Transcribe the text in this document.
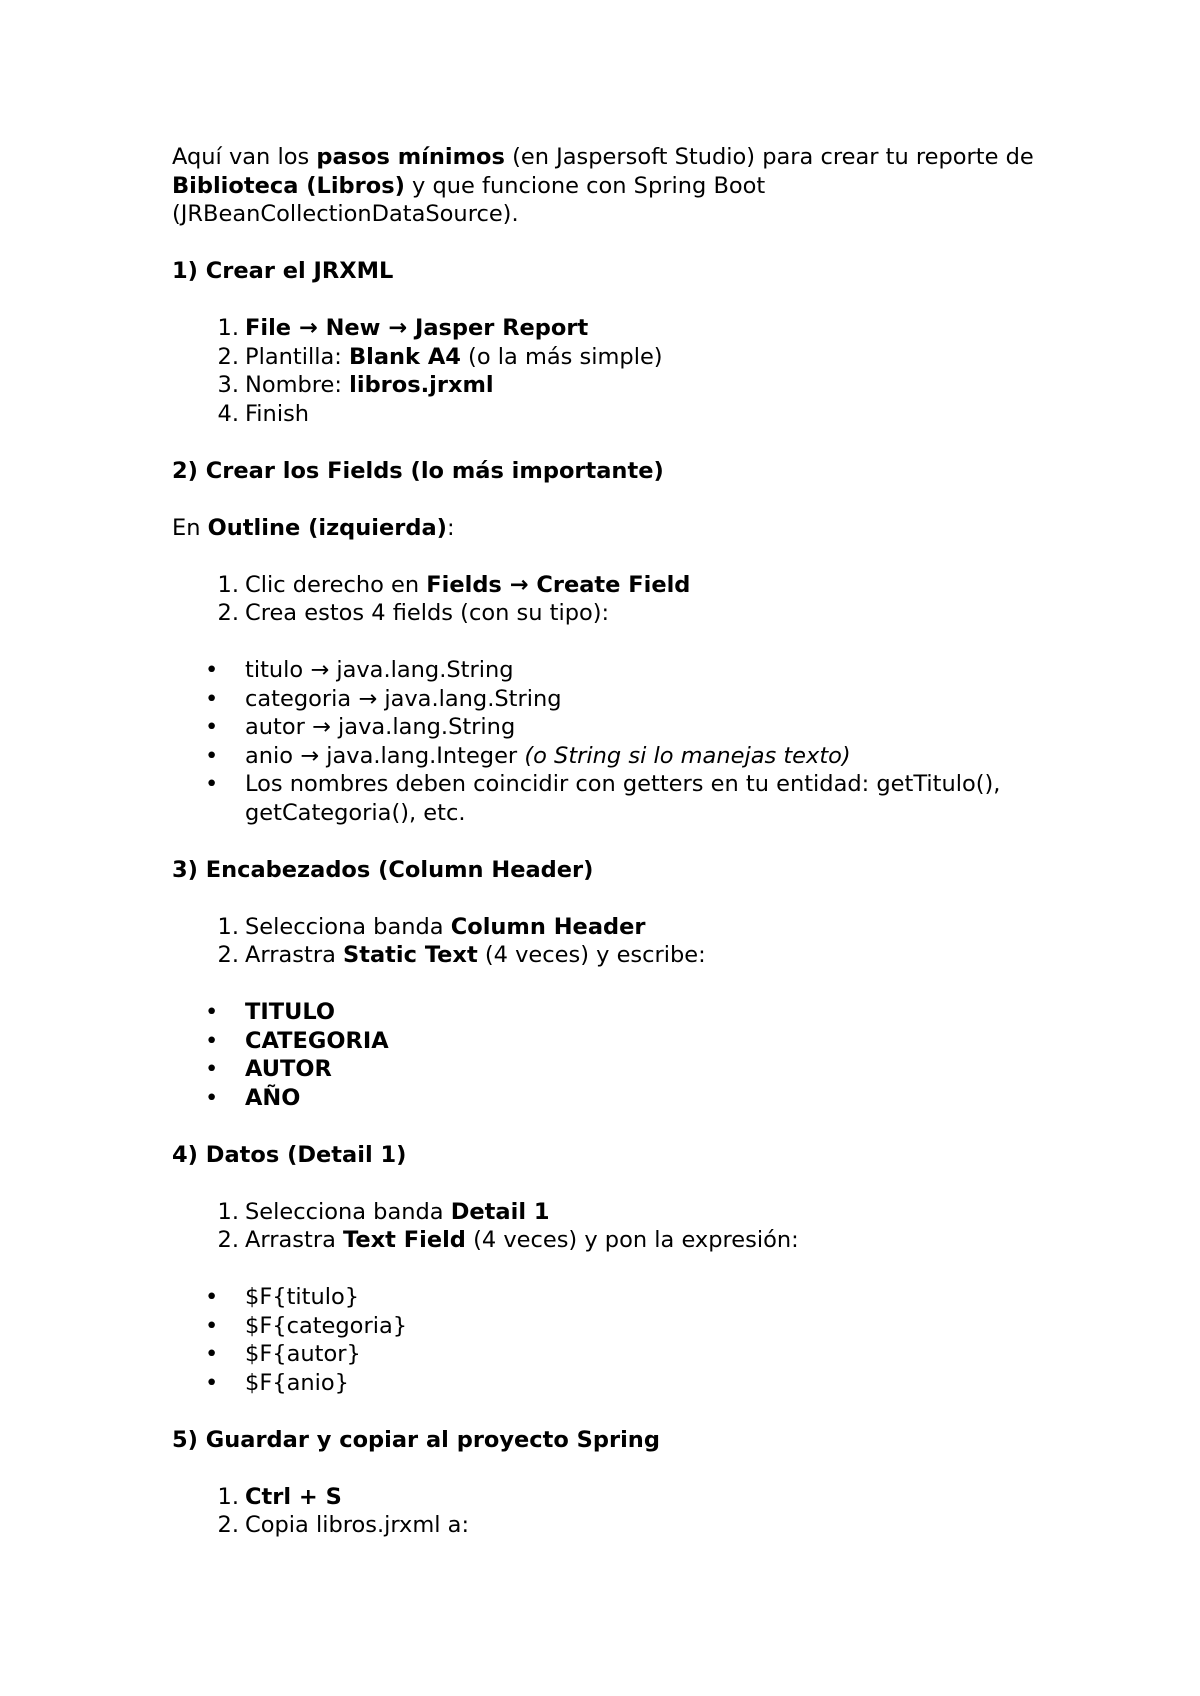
Aquí van los pasos mínimos (en Jaspersoft Studio) para crear tu reporte de Biblioteca (Libros) y que funcione con Spring Boot (JRBeanCollectionDataSource).

1) Crear el JRXML
1. File → New → Jasper Report
2. Plantilla: Blank A4 (o la más simple)
3. Nombre: libros.jrxml
4. Finish
2) Crear los Fields (lo más importante)

En Outline (izquierda):

1. Clic derecho en Fields → Create Field
2. Crea estos 4 fields (con su tipo):
• titulo → java.lang.String
• categoria → java.lang.String
• autor → java.lang.String
• anio → java.lang.Integer (o String si lo manejas texto)
• Los nombres deben coincidir con getters en tu entidad: getTitulo(), getCategoria(), etc.
3) Encabezados (Column Header)
1. Selecciona banda Column Header
2. Arrastra Static Text (4 veces) y escribe:
• TITULO
• CATEGORIA
• AUTOR
• AÑO
4) Datos (Detail 1)
1. Selecciona banda Detail 1
2. Arrastra Text Field (4 veces) y pon la expresión:
• $F{titulo}
• $F{categoria}
• $F{autor}
• $F{anio}
5) Guardar y copiar al proyecto Spring
1. Ctrl + S
2. Copia libros.jrxml a:
